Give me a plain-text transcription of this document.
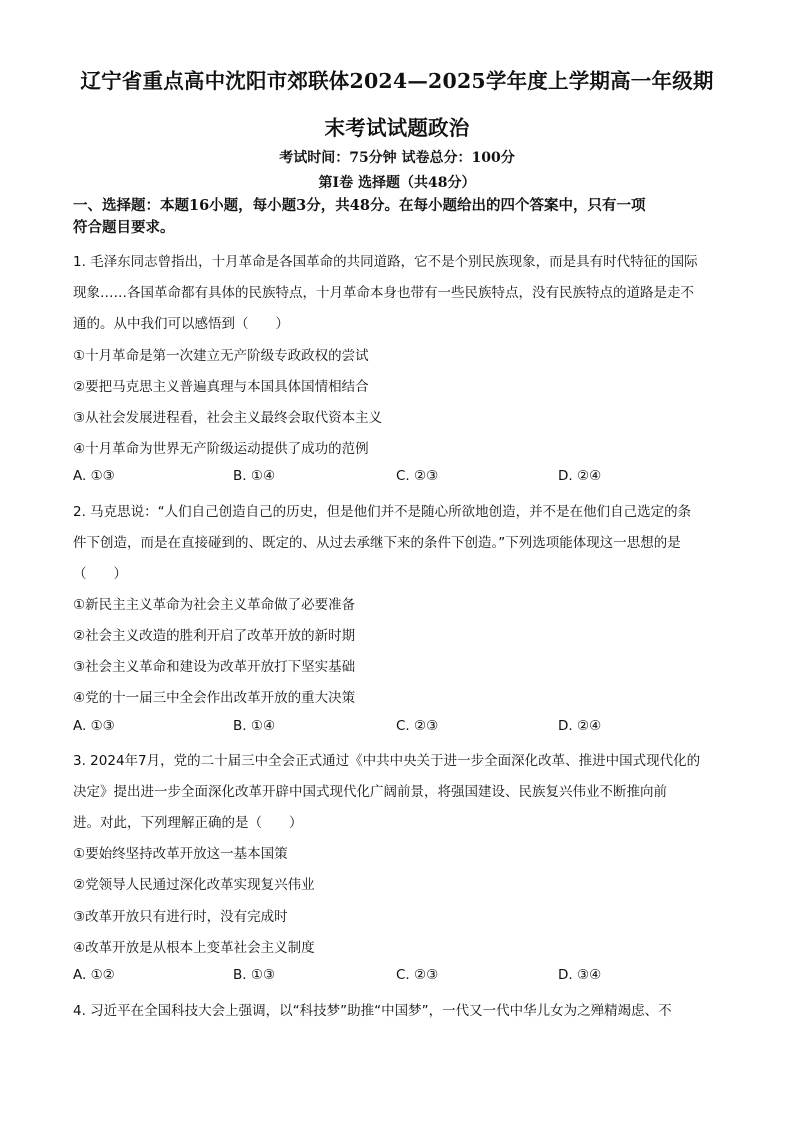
辽宁省重点高中沈阳市郊联体2024—2025学年度上学期高一年级期
末考试试题政治
考试时间：75分钟 试卷总分：100分
第Ⅰ卷 选择题（共48分）
一、选择题：本题16小题，每小题3分，共48分。在每小题给出的四个答案中，只有一项
符合题目要求。
1. 毛泽东同志曾指出，十月革命是各国革命的共同道路，它不是个别民族现象，而是具有时代特征的国际
现象……各国革命都有具体的民族特点，十月革命本身也带有一些民族特点，没有民族特点的道路是走不
通的。从中我们可以感悟到（　　）
①十月革命是第一次建立无产阶级专政政权的尝试
②要把马克思主义普遍真理与本国具体国情相结合
③从社会发展进程看，社会主义最终会取代资本主义
④十月革命为世界无产阶级运动提供了成功的范例
A. ①③	B. ①④	C. ②③	D. ②④
2. 马克思说：“人们自己创造自己的历史，但是他们并不是随心所欲地创造，并不是在他们自己选定的条
件下创造，而是在直接碰到的、既定的、从过去承继下来的条件下创造。”下列选项能体现这一思想的是
（　　）
①新民主主义革命为社会主义革命做了必要准备
②社会主义改造的胜利开启了改革开放的新时期
③社会主义革命和建设为改革开放打下坚实基础
④党的十一届三中全会作出改革开放的重大决策
A. ①③	B. ①④	C. ②③	D. ②④
3. 2024年7月，党的二十届三中全会正式通过《中共中央关于进一步全面深化改革、推进中国式现代化的
决定》提出进一步全面深化改革开辟中国式现代化广阔前景，将强国建设、民族复兴伟业不断推向前
进。对此，下列理解正确的是（　　）
①要始终坚持改革开放这一基本国策
②党领导人民通过深化改革实现复兴伟业
③改革开放只有进行时，没有完成时
④改革开放是从根本上变革社会主义制度
A. ①②	B. ①③	C. ②③	D. ③④
4. 习近平在全国科技大会上强调，以“科技梦”助推“中国梦”，一代又一代中华儿女为之殚精竭虑、不
